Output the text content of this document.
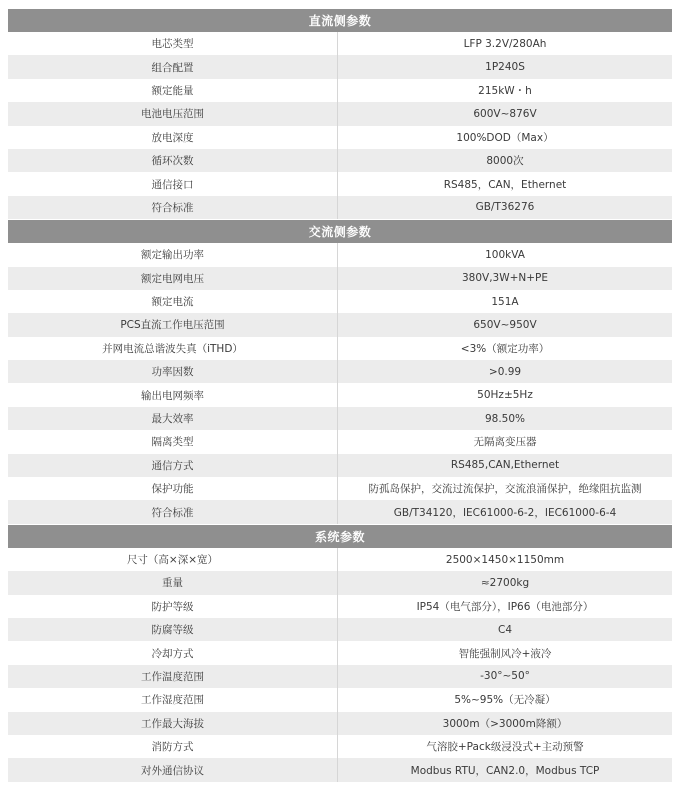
直流侧参数
电芯类型	LFP 3.2V/280Ah
组合配置	1P240S
额定能量	215kW・h
电池电压范围	600V~876V
放电深度	100%DOD（Max）
循环次数	8000次
通信接口	RS485，CAN，Ethernet
符合标准	GB/T36276
交流侧参数
额定输出功率	100kVA
额定电网电压	380V,3W+N+PE
额定电流	151A
PCS直流工作电压范围	650V~950V
并网电流总谐波失真（iTHD）	<3%（额定功率）
功率因数	>0.99
输出电网频率	50Hz±5Hz
最大效率	98.50%
隔离类型	无隔离变压器
通信方式	RS485,CAN,Ethernet
保护功能	防孤岛保护，交流过流保护，交流浪涌保护，绝缘阻抗监测
符合标准	GB/T34120，IEC61000-6-2，IEC61000-6-4
系统参数
尺寸（高×深×宽）	2500×1450×1150mm
重量	≈2700kg
防护等级	IP54（电气部分），IP66（电池部分）
防腐等级	C4
冷却方式	智能强制风冷+液冷
工作温度范围	-30°~50°
工作湿度范围	5%~95%（无冷凝）
工作最大海拔	3000m（>3000m降额）
消防方式	气溶胶+Pack级浸没式+主动预警
对外通信协议	Modbus RTU，CAN2.0，Modbus TCP
